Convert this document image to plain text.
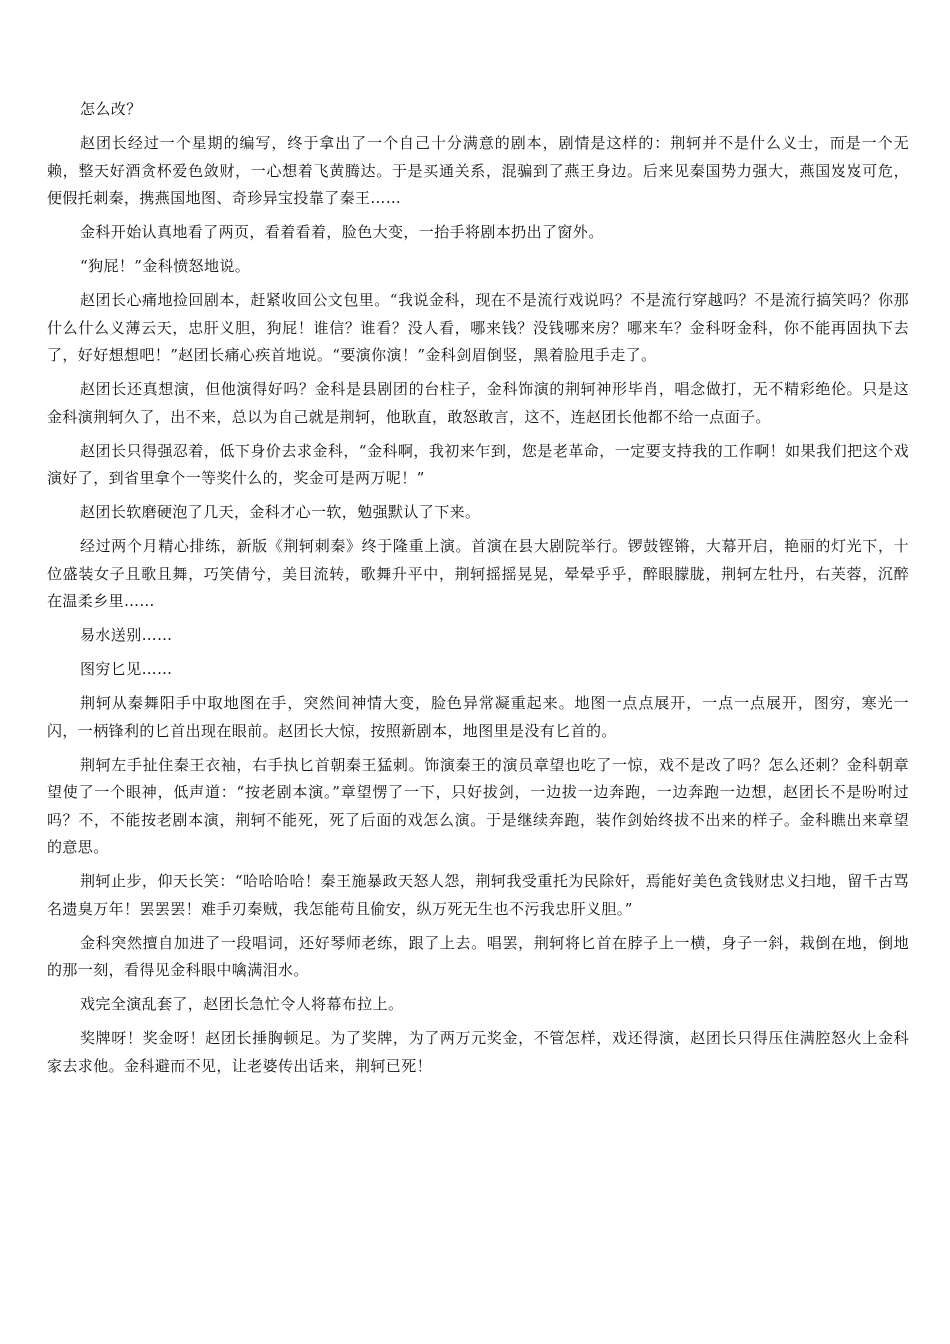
怎么改？

赵团长经过一个星期的编写，终于拿出了一个自己十分满意的剧本，剧情是这样的：荆轲并不是什么义士，而是一个无赖，整天好酒贪杯爱色敛财，一心想着飞黄腾达。于是买通关系，混骗到了燕王身边。后来见秦国势力强大，燕国岌岌可危，便假托刺秦，携燕国地图、奇珍异宝投靠了秦王……

金科开始认真地看了两页，看着看着，脸色大变，一抬手将剧本扔出了窗外。

“狗屁！”金科愤怒地说。

赵团长心痛地捡回剧本，赶紧收回公文包里。“我说金科，现在不是流行戏说吗？不是流行穿越吗？不是流行搞笑吗？你那什么什么义薄云天，忠肝义胆，狗屁！谁信？谁看？没人看，哪来钱？没钱哪来房？哪来车？金科呀金科，你不能再固执下去了，好好想想吧！”赵团长痛心疾首地说。“要演你演！”金科剑眉倒竖，黑着脸甩手走了。

赵团长还真想演，但他演得好吗？金科是县剧团的台柱子，金科饰演的荆轲神形毕肖，唱念做打，无不精彩绝伦。只是这金科演荆轲久了，出不来，总以为自己就是荆轲，他耿直，敢怒敢言，这不，连赵团长他都不给一点面子。

赵团长只得强忍着，低下身价去求金科，“金科啊，我初来乍到，您是老革命，一定要支持我的工作啊！如果我们把这个戏演好了，到省里拿个一等奖什么的，奖金可是两万呢！”

赵团长软磨硬泡了几天，金科才心一软，勉强默认了下来。

经过两个月精心排练，新版《荆轲刺秦》终于隆重上演。首演在县大剧院举行。锣鼓铿锵，大幕开启，艳丽的灯光下，十位盛装女子且歌且舞，巧笑倩兮，美目流转，歌舞升平中，荆轲摇摇晃晃，晕晕乎乎，醉眼朦胧，荆轲左牡丹，右芙蓉，沉醉在温柔乡里……

易水送别……

图穷匕见……

荆轲从秦舞阳手中取地图在手，突然间神情大变，脸色异常凝重起来。地图一点点展开，一点一点展开，图穷，寒光一闪，一柄锋利的匕首出现在眼前。赵团长大惊，按照新剧本，地图里是没有匕首的。

荆轲左手扯住秦王衣袖，右手执匕首朝秦王猛刺。饰演秦王的演员章望也吃了一惊，戏不是改了吗？怎么还刺？金科朝章望使了一个眼神，低声道：“按老剧本演。”章望愣了一下，只好拔剑，一边拔一边奔跑，一边奔跑一边想，赵团长不是吩咐过吗？不，不能按老剧本演，荆轲不能死，死了后面的戏怎么演。于是继续奔跑，装作剑始终拔不出来的样子。金科瞧出来章望的意思。

荆轲止步，仰天长笑：“哈哈哈哈！秦王施暴政天怒人怨，荆轲我受重托为民除奸，焉能好美色贪钱财忠义扫地，留千古骂名遗臭万年！罢罢罢！难手刃秦贼，我怎能苟且偷安，纵万死无生也不污我忠肝义胆。”

金科突然擅自加进了一段唱词，还好琴师老练，跟了上去。唱罢，荆轲将匕首在脖子上一横，身子一斜，栽倒在地，倒地的那一刻，看得见金科眼中噙满泪水。

戏完全演乱套了，赵团长急忙令人将幕布拉上。

奖牌呀！奖金呀！赵团长捶胸顿足。为了奖牌，为了两万元奖金，不管怎样，戏还得演，赵团长只得压住满腔怒火上金科家去求他。金科避而不见，让老婆传出话来，荆轲已死！
